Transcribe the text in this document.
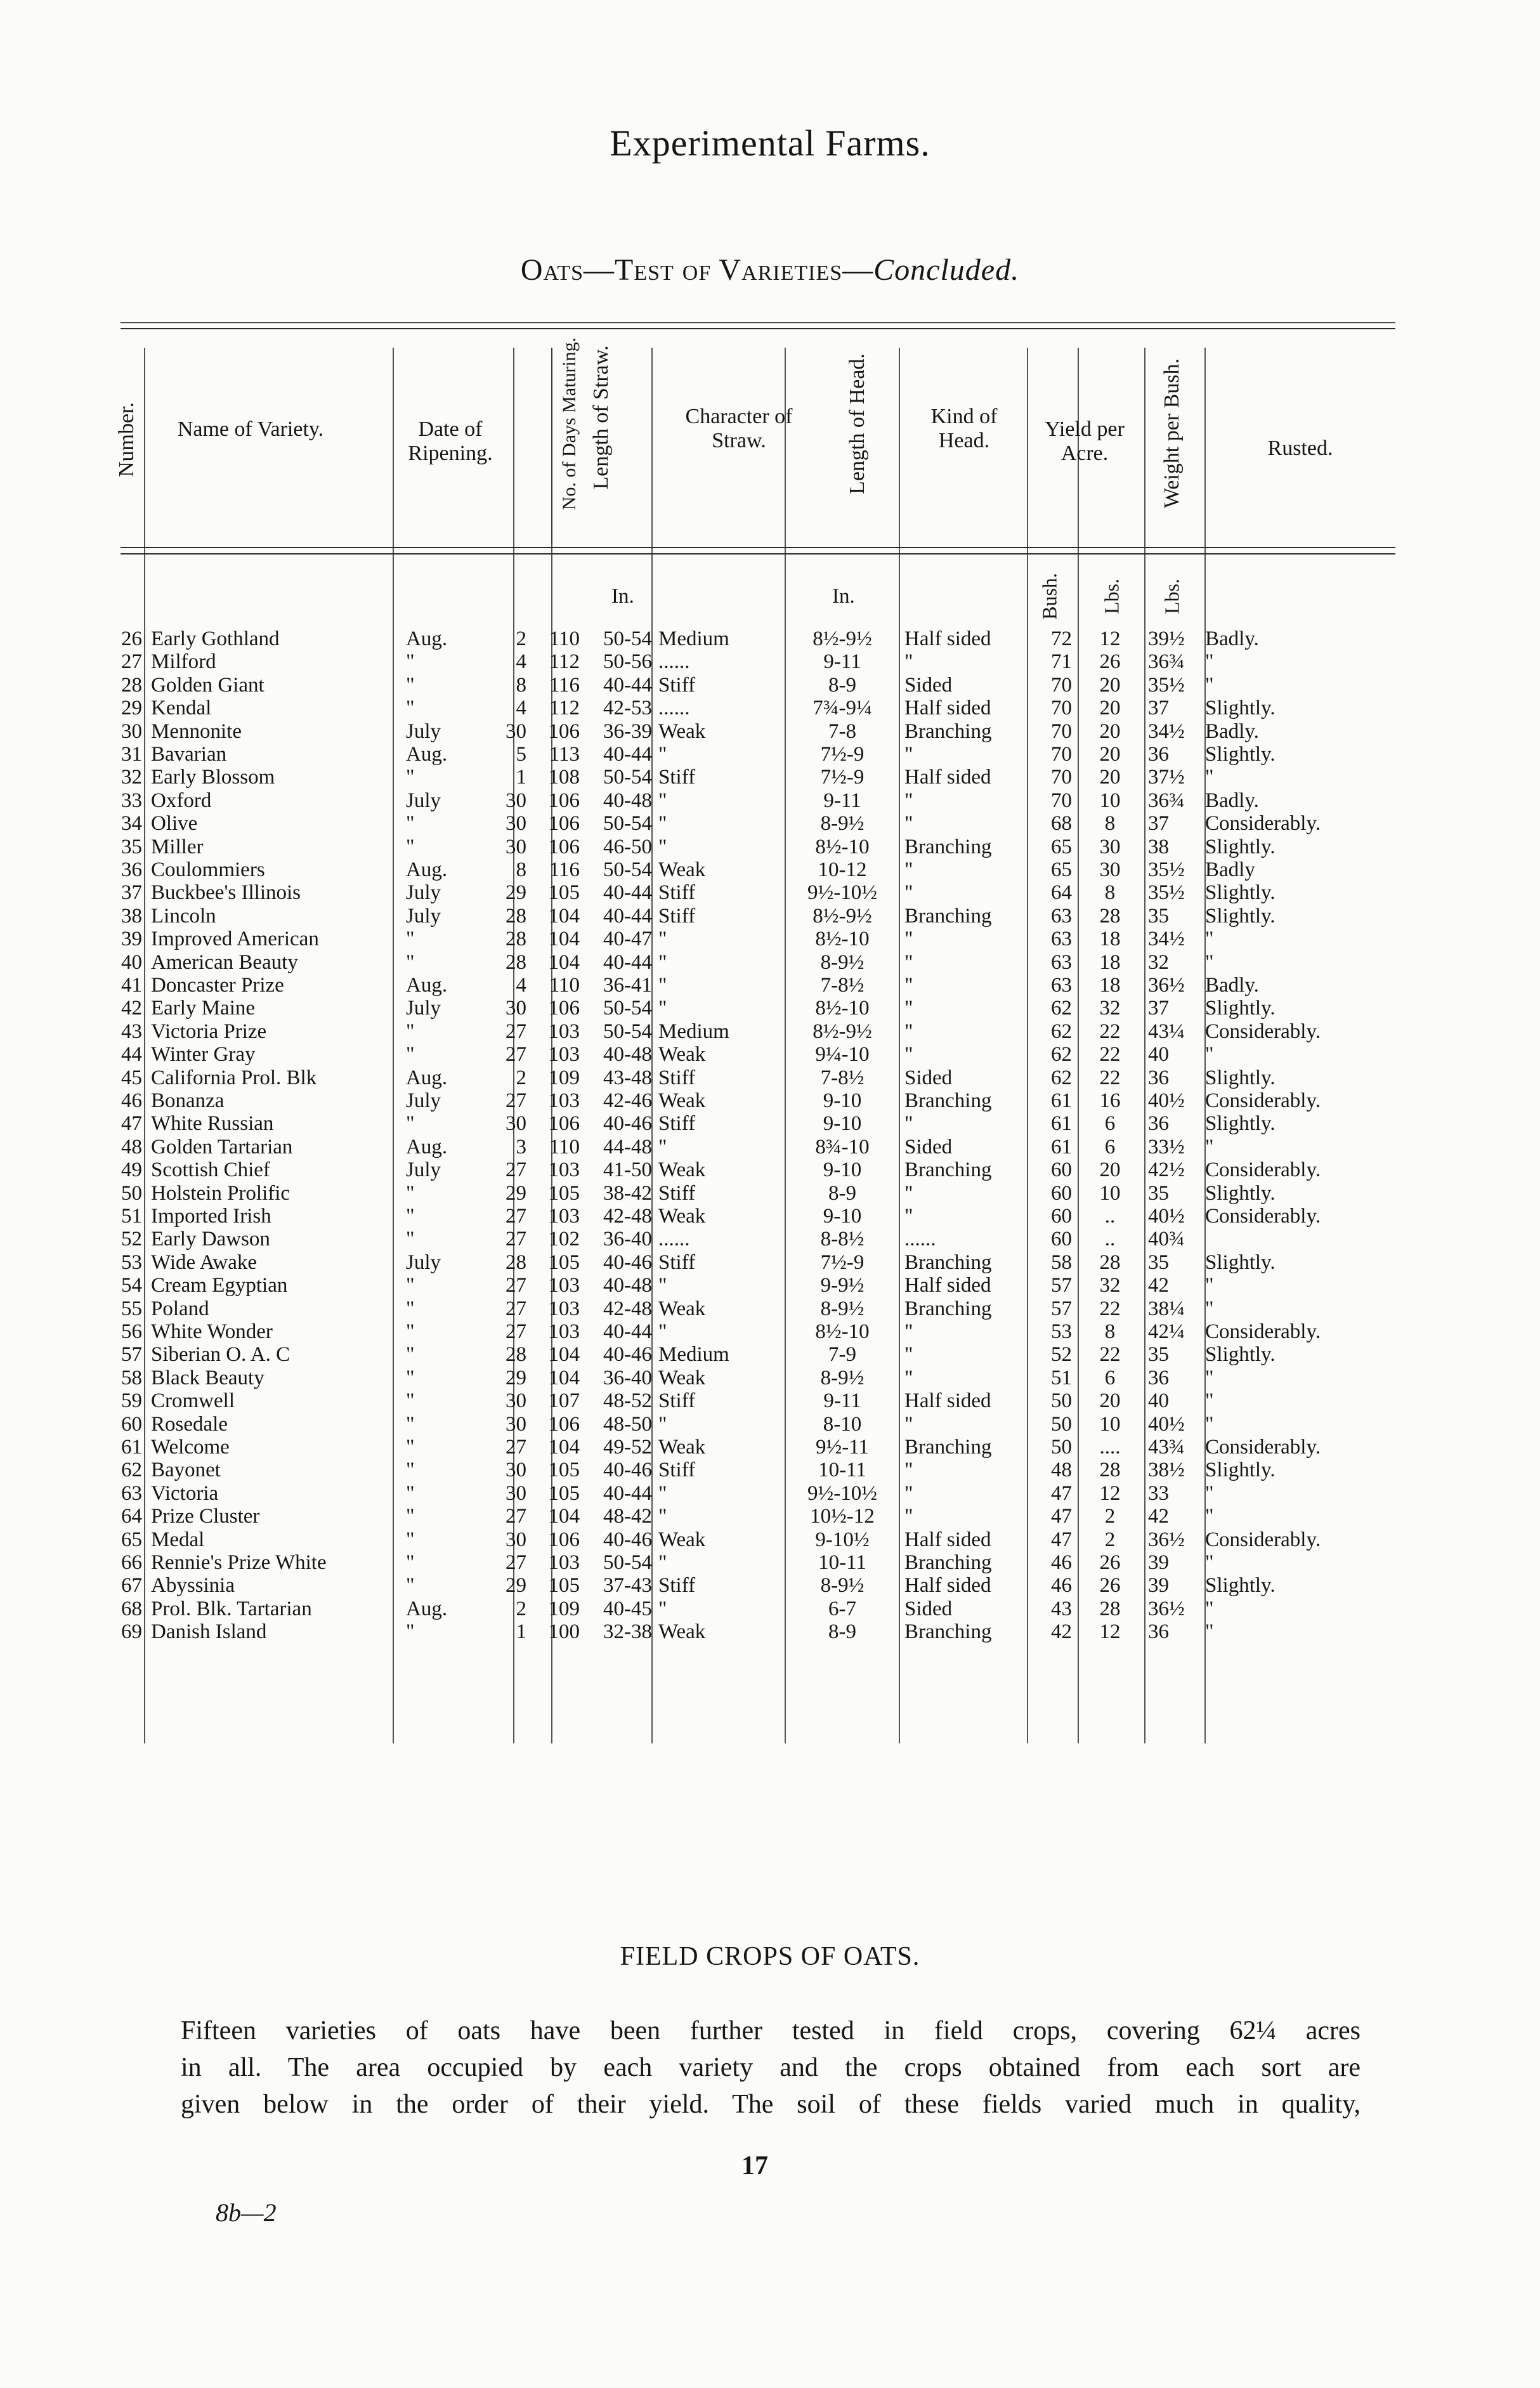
Experimental Farms.
Oats—Test of Varieties—Concluded.
Number.	Name of Variety.	Date of Ripening.	No. of Days Maturing. Length of Straw.	Character of Straw.	Length of Head.	Kind of Head.	Yield per Acre.	Weight per Bush.	Rusted.
In.	In.	Bush. Lbs. Lbs.
26 Early Gothland	Aug.	2	110	50-54 Medium	8½-9½	Half sided	72	12	39½ Badly.
27 Milford	"	4	112	50-56 ......	9-11	"	71	26	36¾ "
28 Golden Giant	"	8	116	40-44 Stiff	8-9	Sided	70	20	35½ "
29 Kendal	"	4	112	42-53 ......	7¾-9¼	Half sided	70	20	37	Slightly.
30 Mennonite	July	30	106	36-39 Weak	7-8	Branching	70	20	34½ Badly.
31 Bavarian	Aug.	5	113	40-44 "	7½-9	"	70	20	36	Slightly.
32 Early Blossom	"	1	108	50-54 Stiff	7½-9	Half sided	70	20	37½ "
33 Oxford	July	30	106	40-48 "	9-11	"	70	10	36¾ Badly.
34 Olive	"	30	106	50-54 "	8-9½	"	68	8	37	Considerably.
35 Miller	"	30	106	46-50 "	8½-10	Branching	65	30	38	Slightly.
36 Coulommiers	Aug.	8	116	50-54 Weak	10-12	"	65	30	35½ Badly
37 Buckbee's Illinois	July	29	105	40-44 Stiff	9½-10½	"	64	8	35½ Slightly.
38 Lincoln	July	28	104	40-44 Stiff	8½-9½	Branching	63	28	35	Slightly.
39 Improved American	"	28	104	40-47 "	8½-10	"	63	18	34½ "
40 American Beauty	"	28	104	40-44 "	8-9½	"	63	18	32	"
41 Doncaster Prize	Aug.	4	110	36-41 "	7-8½	"	63	18	36½ Badly.
42 Early Maine	July	30	106	50-54 "	8½-10	"	62	32	37	Slightly.
43 Victoria Prize	"	27	103	50-54 Medium	8½-9½	"	62	22	43¼ Considerably.
44 Winter Gray	"	27	103	40-48 Weak	9¼-10	"	62	22	40	"
45 California Prol. Blk	Aug.	2	109	43-48 Stiff	7-8½	Sided	62	22	36	Slightly.
46 Bonanza	July	27	103	42-46 Weak	9-10	Branching	61	16	40½ Considerably.
47 White Russian	"	30	106	40-46 Stiff	9-10	"	61	6	36	Slightly.
48 Golden Tartarian	Aug.	3	110	44-48 "	8¾-10	Sided	61	6	33½ "
49 Scottish Chief	July	27	103	41-50 Weak	9-10	Branching	60	20	42½ Considerably.
50 Holstein Prolific	"	29	105	38-42 Stiff	8-9	"	60	10	35	Slightly.
51 Imported Irish	"	27	103	42-48 Weak	9-10	"	60	..	40½ Considerably.
52 Early Dawson	"	27	102	36-40 ......	8-8½	......	60	..	40¾
53 Wide Awake	July	28	105	40-46 Stiff	7½-9	Branching	58	28	35	Slightly.
54 Cream Egyptian	"	27	103	40-48 "	9-9½	Half sided	57	32	42	"
55 Poland	"	27	103	42-48 Weak	8-9½	Branching	57	22	38¼ "
56 White Wonder	"	27	103	40-44 "	8½-10	"	53	8	42¼ Considerably.
57 Siberian O. A. C	"	28	104	40-46 Medium	7-9	"	52	22	35	Slightly.
58 Black Beauty	"	29	104	36-40 Weak	8-9½	"	51	6	36	"
59 Cromwell	"	30	107	48-52 Stiff	9-11	Half sided	50	20	40	"
60 Rosedale	"	30	106	48-50 "	8-10	"	50	10	40½ "
61 Welcome	"	27	104	49-52 Weak	9½-11	Branching	50	....	43¾ Considerably.
62 Bayonet	"	30	105	40-46 Stiff	10-11	"	48	28	38½ Slightly.
63 Victoria	"	30	105	40-44 "	9½-10½	"	47	12	33	"
64 Prize Cluster	"	27	104	48-42 "	10½-12	"	47	2	42	"
65 Medal	"	30	106	40-46 Weak	9-10½	Half sided	47	2	36½ Considerably.
66 Rennie's Prize White	"	27	103	50-54 "	10-11	Branching	46	26	39	"
67 Abyssinia	"	29	105	37-43 Stiff	8-9½	Half sided	46	26	39	Slightly.
68 Prol. Blk. Tartarian	Aug.	2	109	40-45 "	6-7	Sided	43	28	36½ "
69 Danish Island	"	1	100	32-38 Weak	8-9	Branching	42	12	36	"
FIELD CROPS OF OATS.
Fifteen varieties of oats have been further tested in field crops, covering 62¼ acres
in all. The area occupied by each variety and the crops obtained from each sort are
given below in the order of their yield. The soil of these fields varied much in quality,
17
8b—2
